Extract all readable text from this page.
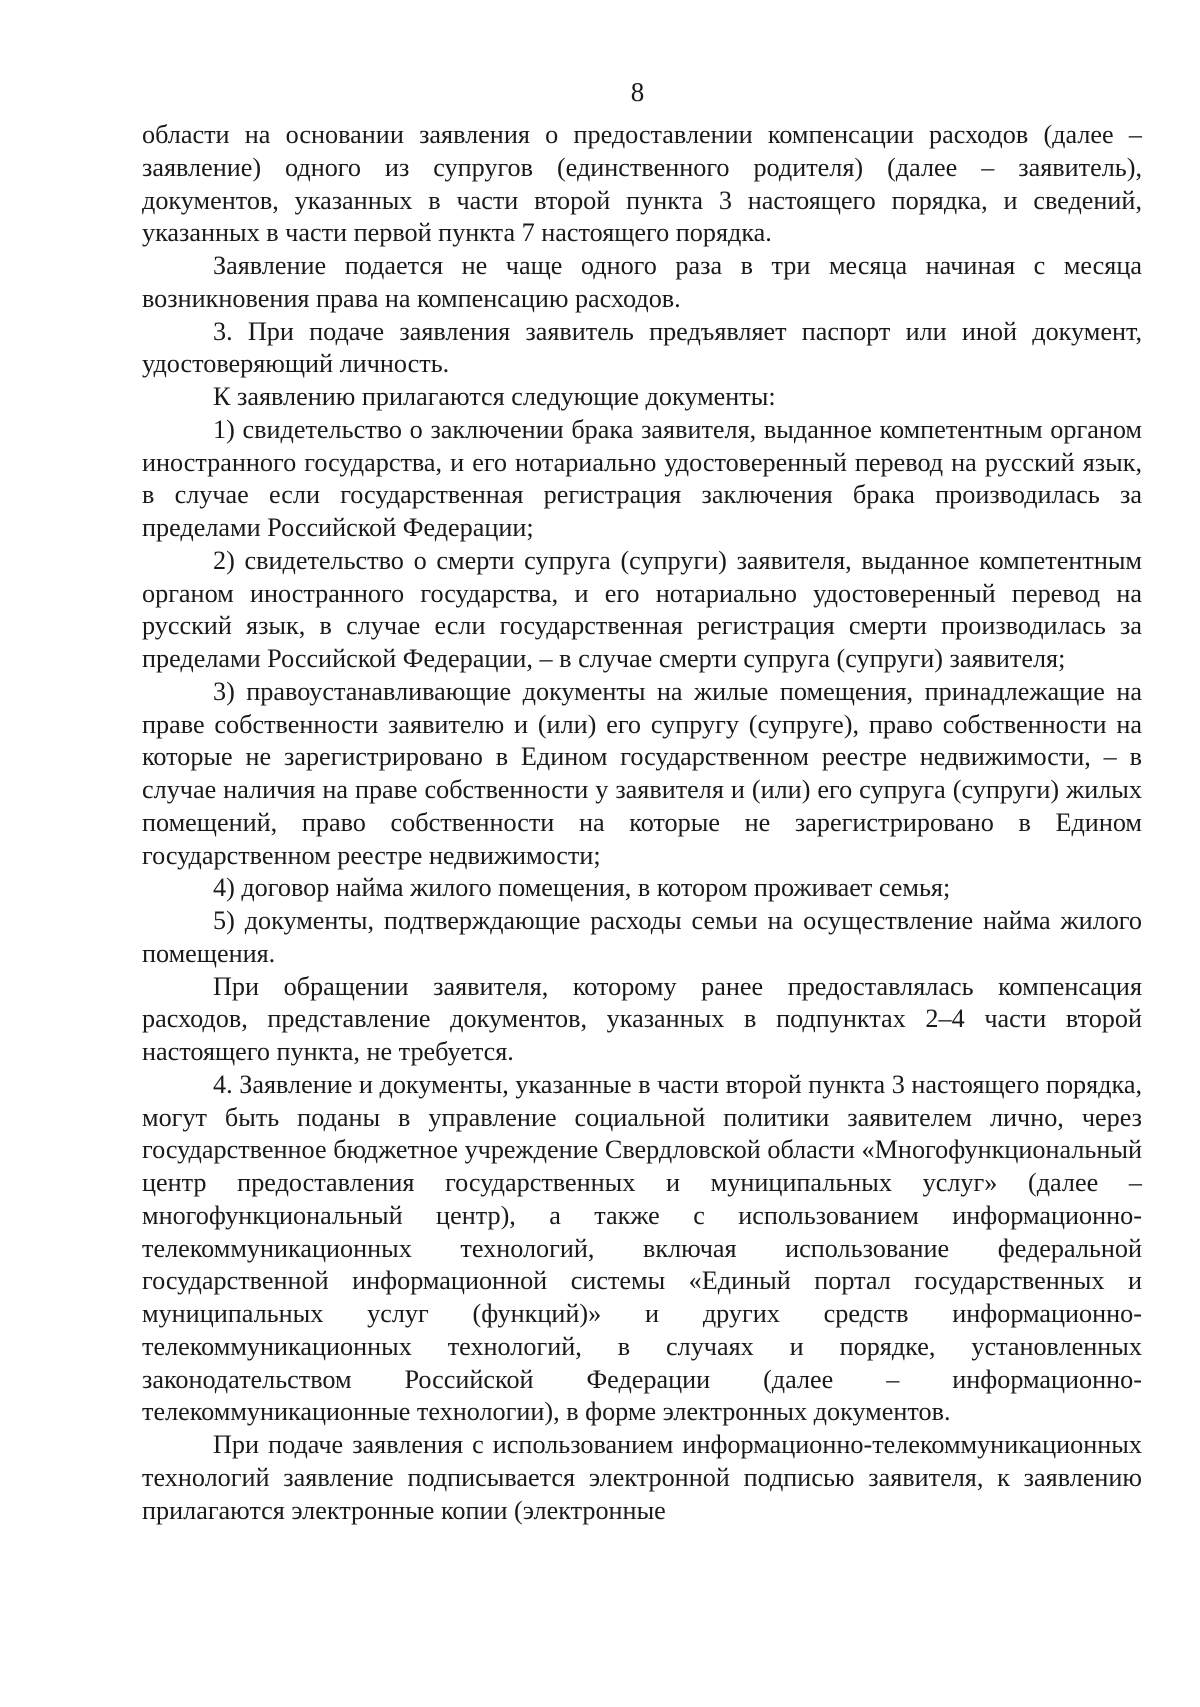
8

области на основании заявления о предоставлении компенсации расходов (далее – заявление) одного из супругов (единственного родителя) (далее – заявитель), документов, указанных в части второй пункта 3 настоящего порядка, и сведений, указанных в части первой пункта 7 настоящего порядка.

Заявление подается не чаще одного раза в три месяца начиная с месяца возникновения права на компенсацию расходов.

3. При подаче заявления заявитель предъявляет паспорт или иной документ, удостоверяющий личность.

К заявлению прилагаются следующие документы:

1) свидетельство о заключении брака заявителя, выданное компетентным органом иностранного государства, и его нотариально удостоверенный перевод на русский язык, в случае если государственная регистрация заключения брака производилась за пределами Российской Федерации;

2) свидетельство о смерти супруга (супруги) заявителя, выданное компетентным органом иностранного государства, и его нотариально удостоверенный перевод на русский язык, в случае если государственная регистрация смерти производилась за пределами Российской Федерации, – в случае смерти супруга (супруги) заявителя;

3) правоустанавливающие документы на жилые помещения, принадлежащие на праве собственности заявителю и (или) его супругу (супруге), право собственности на которые не зарегистрировано в Едином государственном реестре недвижимости, – в случае наличия на праве собственности у заявителя и (или) его супруга (супруги) жилых помещений, право собственности на которые не зарегистрировано в Едином государственном реестре недвижимости;

4) договор найма жилого помещения, в котором проживает семья;

5) документы, подтверждающие расходы семьи на осуществление найма жилого помещения.

При обращении заявителя, которому ранее предоставлялась компенсация расходов, представление документов, указанных в подпунктах 2–4 части второй настоящего пункта, не требуется.

4. Заявление и документы, указанные в части второй пункта 3 настоящего порядка, могут быть поданы в управление социальной политики заявителем лично, через государственное бюджетное учреждение Свердловской области «Многофункциональный центр предоставления государственных и муниципальных услуг» (далее – многофункциональный центр), а также с использованием информационно-телекоммуникационных технологий, включая использование федеральной государственной информационной системы «Единый портал государственных и муниципальных услуг (функций)» и других средств информационно-телекоммуникационных технологий, в случаях и порядке, установленных законодательством Российской Федерации (далее – информационно-телекоммуникационные технологии), в форме электронных документов.

При подаче заявления с использованием информационно-телекоммуникационных технологий заявление подписывается электронной подписью заявителя, к заявлению прилагаются электронные копии (электронные
